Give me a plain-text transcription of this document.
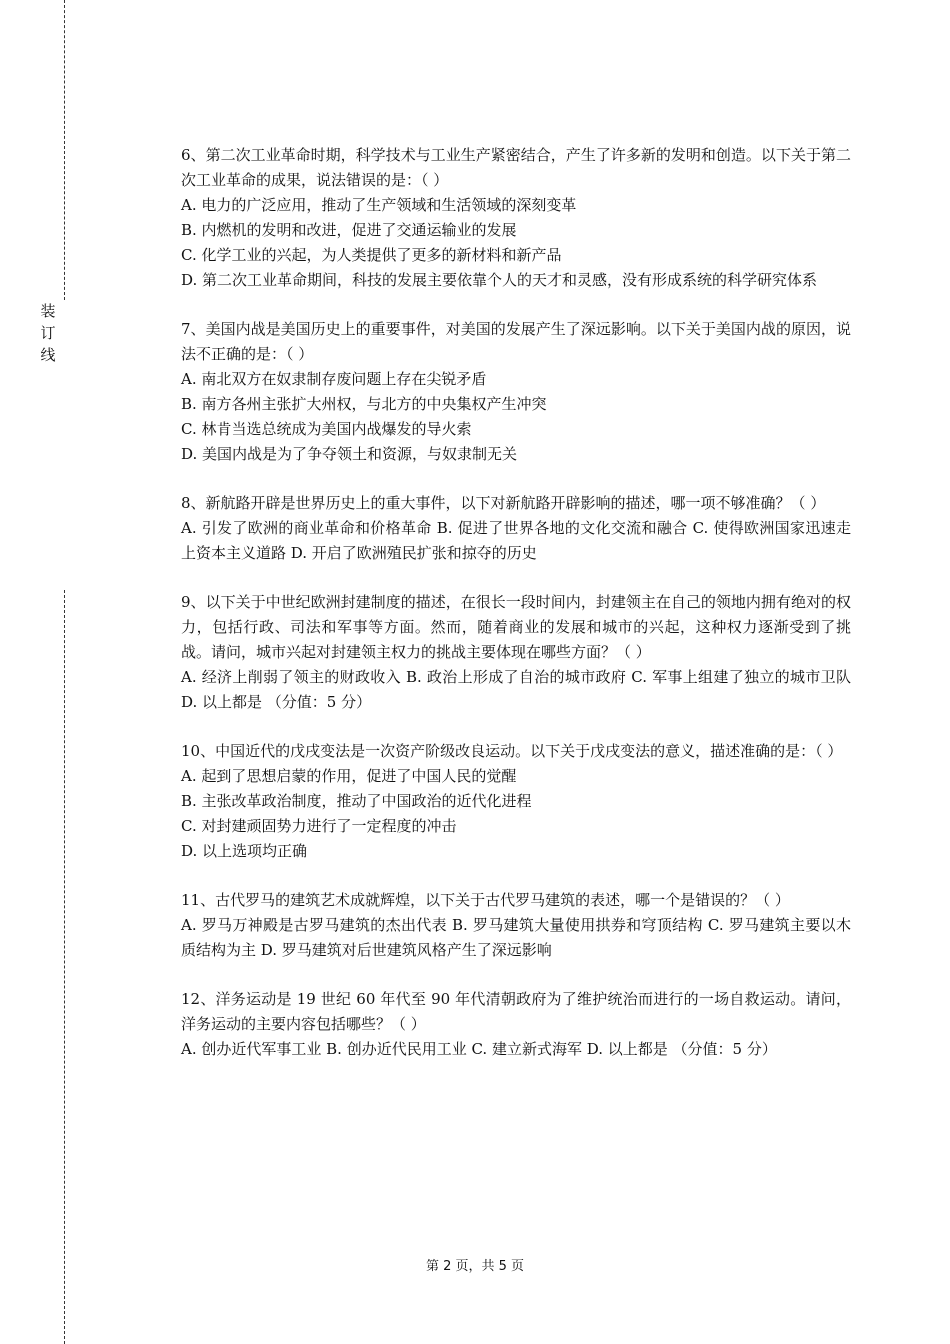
装
订
线

6、第二次工业革命时期，科学技术与工业生产紧密结合，产生了许多新的发明和创造。以下关于第二次工业革命的成果，说法错误的是：（ ）

A. 电力的广泛应用，推动了生产领域和生活领域的深刻变革

B. 内燃机的发明和改进，促进了交通运输业的发展

C. 化学工业的兴起，为人类提供了更多的新材料和新产品

D. 第二次工业革命期间，科技的发展主要依靠个人的天才和灵感，没有形成系统的科学研究体系

7、美国内战是美国历史上的重要事件，对美国的发展产生了深远影响。以下关于美国内战的原因，说法不正确的是：（ ）

A. 南北双方在奴隶制存废问题上存在尖锐矛盾

B. 南方各州主张扩大州权，与北方的中央集权产生冲突

C. 林肯当选总统成为美国内战爆发的导火索

D. 美国内战是为了争夺领土和资源，与奴隶制无关

8、新航路开辟是世界历史上的重大事件，以下对新航路开辟影响的描述，哪一项不够准确？（ ）

A. 引发了欧洲的商业革命和价格革命 B. 促进了世界各地的文化交流和融合 C. 使得欧洲国家迅速走上资本主义道路 D. 开启了欧洲殖民扩张和掠夺的历史

9、以下关于中世纪欧洲封建制度的描述，在很长一段时间内，封建领主在自己的领地内拥有绝对的权力，包括行政、司法和军事等方面。然而，随着商业的发展和城市的兴起，这种权力逐渐受到了挑战。请问，城市兴起对封建领主权力的挑战主要体现在哪些方面？（ ）

A. 经济上削弱了领主的财政收入 B. 政治上形成了自治的城市政府 C. 军事上组建了独立的城市卫队 D. 以上都是 （分值：5 分）

10、中国近代的戊戌变法是一次资产阶级改良运动。以下关于戊戌变法的意义，描述准确的是：（ ）

A. 起到了思想启蒙的作用，促进了中国人民的觉醒

B. 主张改革政治制度，推动了中国政治的近代化进程

C. 对封建顽固势力进行了一定程度的冲击

D. 以上选项均正确

11、古代罗马的建筑艺术成就辉煌，以下关于古代罗马建筑的表述，哪一个是错误的？（ ）

A. 罗马万神殿是古罗马建筑的杰出代表 B. 罗马建筑大量使用拱券和穹顶结构 C. 罗马建筑主要以木质结构为主 D. 罗马建筑对后世建筑风格产生了深远影响

12、洋务运动是 19 世纪 60 年代至 90 年代清朝政府为了维护统治而进行的一场自救运动。请问，洋务运动的主要内容包括哪些？（ ）

A. 创办近代军事工业 B. 创办近代民用工业 C. 建立新式海军 D. 以上都是 （分值：5 分）

第 2 页，共 5 页
